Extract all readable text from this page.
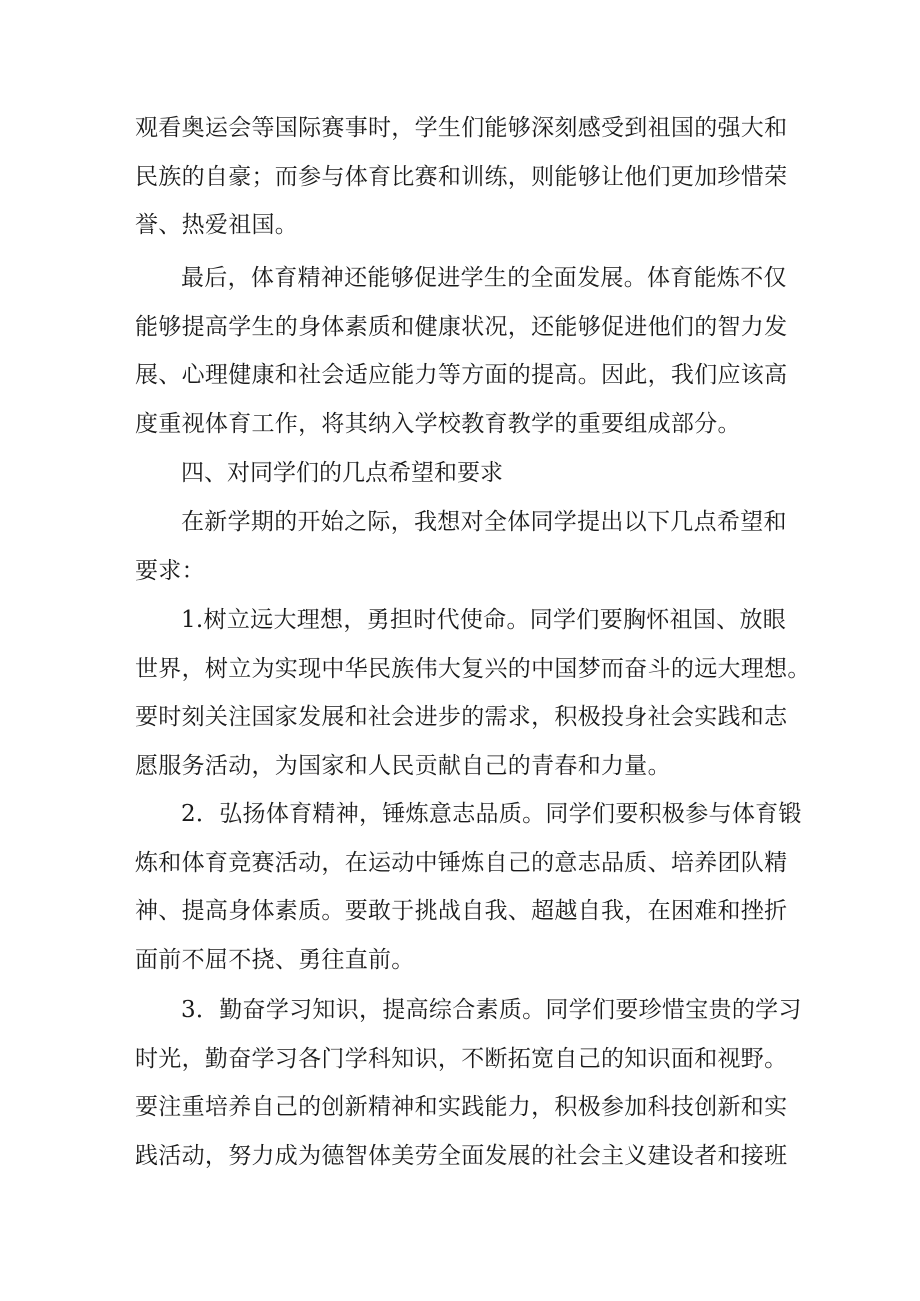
观看奥运会等国际赛事时，学生们能够深刻感受到祖国的强大和
民族的自豪；而参与体育比赛和训练，则能够让他们更加珍惜荣
誉、热爱祖国。

最后，体育精神还能够促进学生的全面发展。体育能炼不仅
能够提高学生的身体素质和健康状况，还能够促进他们的智力发
展、心理健康和社会适应能力等方面的提高。因此，我们应该高
度重视体育工作，将其纳入学校教育教学的重要组成部分。

四、对同学们的几点希望和要求

在新学期的开始之际，我想对全体同学提出以下几点希望和
要求：

1.树立远大理想，勇担时代使命。同学们要胸怀祖国、放眼
世界，树立为实现中华民族伟大复兴的中国梦而奋斗的远大理想。
要时刻关注国家发展和社会进步的需求，积极投身社会实践和志
愿服务活动，为国家和人民贡献自己的青春和力量。

2．弘扬体育精神，锤炼意志品质。同学们要积极参与体育锻
炼和体育竞赛活动，在运动中锤炼自己的意志品质、培养团队精
神、提高身体素质。要敢于挑战自我、超越自我，在困难和挫折
面前不屈不挠、勇往直前。

3．勤奋学习知识，提高综合素质。同学们要珍惜宝贵的学习
时光，勤奋学习各门学科知识，不断拓宽自己的知识面和视野。
要注重培养自己的创新精神和实践能力，积极参加科技创新和实
践活动，努力成为德智体美劳全面发展的社会主义建设者和接班
